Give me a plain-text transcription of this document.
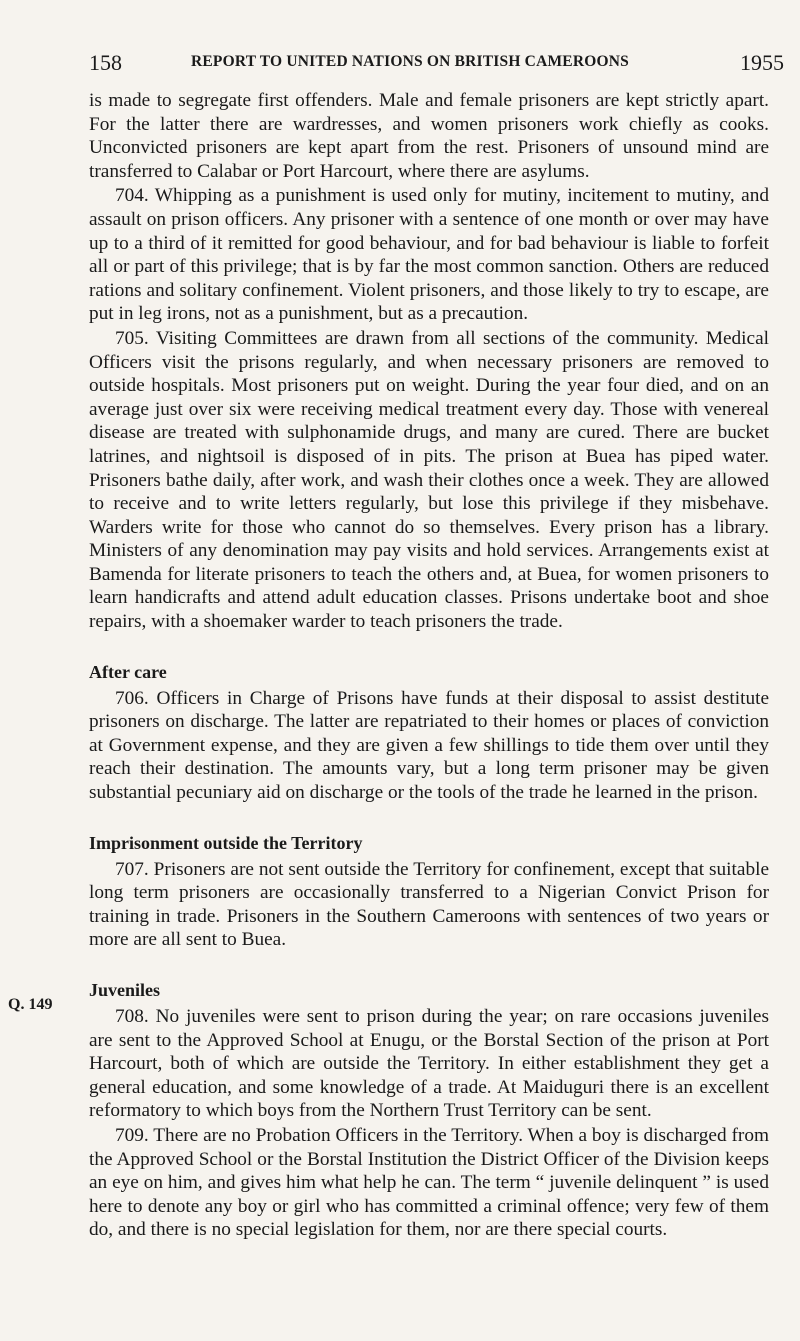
158	REPORT TO UNITED NATIONS ON BRITISH CAMEROONS	1955
Q. 149

is made to segregate first offenders. Male and female prisoners are kept strictly apart. For the latter there are wardresses, and women prisoners work chiefly as cooks. Unconvicted prisoners are kept apart from the rest. Prisoners of unsound mind are transferred to Calabar or Port Harcourt, where there are asylums.

704. Whipping as a punishment is used only for mutiny, incitement to mutiny, and assault on prison officers. Any prisoner with a sentence of one month or over may have up to a third of it remitted for good behaviour, and for bad behaviour is liable to forfeit all or part of this privilege; that is by far the most common sanction. Others are reduced rations and solitary confinement. Violent prisoners, and those likely to try to escape, are put in leg irons, not as a punishment, but as a precaution.

705. Visiting Committees are drawn from all sections of the community. Medical Officers visit the prisons regularly, and when necessary prisoners are removed to outside hospitals. Most prisoners put on weight. During the year four died, and on an average just over six were receiving medical treatment every day. Those with venereal disease are treated with sulphonamide drugs, and many are cured. There are bucket latrines, and nightsoil is disposed of in pits. The prison at Buea has piped water. Prisoners bathe daily, after work, and wash their clothes once a week. They are allowed to receive and to write letters regularly, but lose this privilege if they misbehave. Warders write for those who cannot do so themselves. Every prison has a library. Ministers of any denomination may pay visits and hold services. Arrangements exist at Bamenda for literate prisoners to teach the others and, at Buea, for women prisoners to learn handicrafts and attend adult education classes. Prisons undertake boot and shoe repairs, with a shoemaker warder to teach prisoners the trade.

After care

706. Officers in Charge of Prisons have funds at their disposal to assist destitute prisoners on discharge. The latter are repatriated to their homes or places of conviction at Government expense, and they are given a few shillings to tide them over until they reach their destination. The amounts vary, but a long term prisoner may be given substantial pecuniary aid on discharge or the tools of the trade he learned in the prison.

Imprisonment outside the Territory

707. Prisoners are not sent outside the Territory for confinement, except that suitable long term prisoners are occasionally transferred to a Nigerian Convict Prison for training in trade. Prisoners in the Southern Cameroons with sentences of two years or more are all sent to Buea.

Juveniles

708. No juveniles were sent to prison during the year; on rare occasions juveniles are sent to the Approved School at Enugu, or the Borstal Section of the prison at Port Harcourt, both of which are outside the Territory. In either establishment they get a general education, and some knowledge of a trade. At Maiduguri there is an excellent reformatory to which boys from the Northern Trust Territory can be sent.

709. There are no Probation Officers in the Territory. When a boy is discharged from the Approved School or the Borstal Institution the District Officer of the Division keeps an eye on him, and gives him what help he can. The term “ juvenile delinquent ” is used here to denote any boy or girl who has committed a criminal offence; very few of them do, and there is no special legislation for them, nor are there special courts.
